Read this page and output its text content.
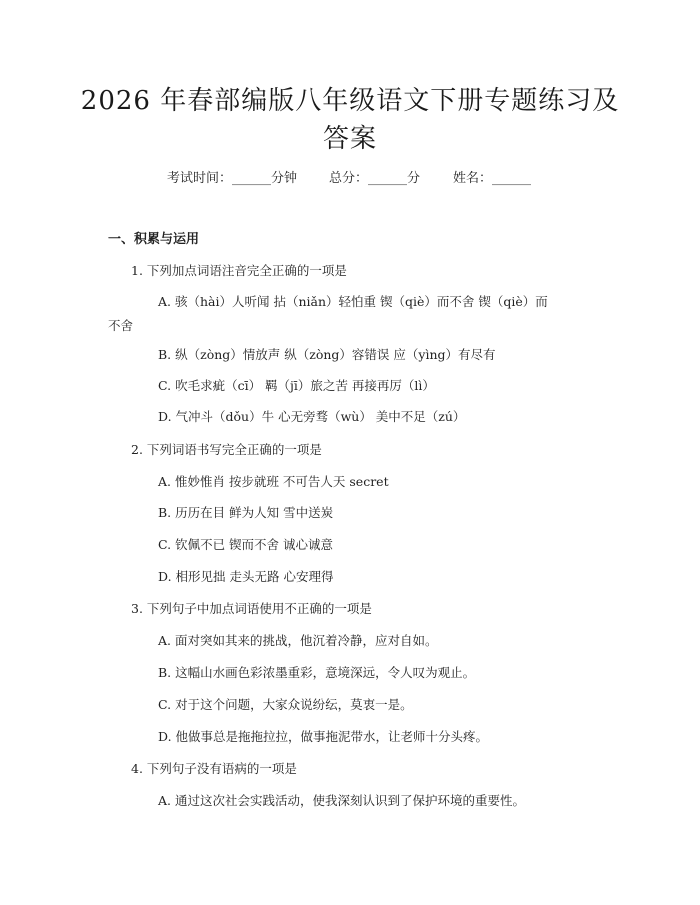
2026 年春部编版八年级语文下册专题练习及
答案
考试时间：______分钟 总分：______分	姓名：______
一、积累与运用
1. 下列加点词语注音完全正确的一项是
A. 骇（hài）人听闻 拈（niǎn）轻怕重 锲（qiè）而不舍 锲（qiè）而
不舍
B. 纵（zòng）情放声 纵（zòng）容错误 应（yìng）有尽有
C. 吹毛求疵（cī） 羁（jī）旅之苦 再接再厉（lì）
D. 气冲斗（dǒu）牛 心无旁骛（wù） 美中不足（zú）
2. 下列词语书写完全正确的一项是
A. 惟妙惟肖 按步就班 不可告人天 secret
B. 历历在目 鲜为人知 雪中送炭
C. 钦佩不已 锲而不舍 诚心诚意
D. 相形见拙 走头无路 心安理得
3. 下列句子中加点词语使用不正确的一项是
A. 面对突如其来的挑战，他沉着冷静，应对自如。
B. 这幅山水画色彩浓墨重彩，意境深远，令人叹为观止。
C. 对于这个问题，大家众说纷纭，莫衷一是。
D. 他做事总是拖拖拉拉，做事拖泥带水，让老师十分头疼。
4. 下列句子没有语病的一项是
A. 通过这次社会实践活动，使我深刻认识到了保护环境的重要性。
